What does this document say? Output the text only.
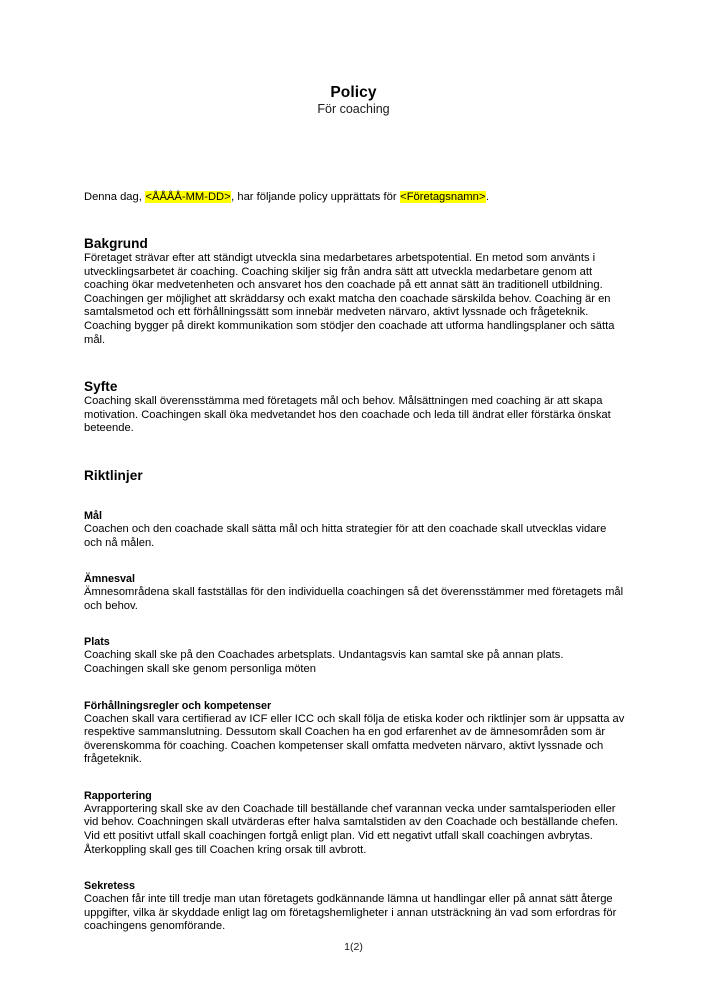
Policy
För coaching

Denna dag, <ÅÅÅÅ-MM-DD>, har följande policy upprättats för <Företagsnamn>.

Bakgrund

Företaget strävar efter att ständigt utveckla sina medarbetares arbetspotential. En metod som använts i utvecklingsarbetet är coaching. Coaching skiljer sig från andra sätt att utveckla medarbetare genom att coaching ökar medvetenheten och ansvaret hos den coachade på ett annat sätt än traditionell utbildning. Coachingen ger möjlighet att skräddarsy och exakt matcha den coachade särskilda behov. Coaching är en samtalsmetod och ett förhållningssätt som innebär medveten närvaro, aktivt lyssnade och frågeteknik. Coaching bygger på direkt kommunikation som stödjer den coachade att utforma handlingsplaner och sätta mål.

Syfte

Coaching skall överensstämma med företagets mål och behov. Målsättningen med coaching är att skapa motivation. Coachingen skall öka medvetandet hos den coachade och leda till ändrat eller förstärka önskat beteende.

Riktlinjer
Mål

Coachen och den coachade skall sätta mål och hitta strategier för att den coachade skall utvecklas vidare och nå målen.

Ämnesval

Ämnesområdena skall fastställas för den individuella coachingen så det överensstämmer med företagets mål och behov.

Plats

Coaching skall ske på den Coachades arbetsplats. Undantagsvis kan samtal ske på annan plats. Coachingen skall ske genom personliga möten

Förhållningsregler och kompetenser

Coachen skall vara certifierad av ICF eller ICC och skall följa de etiska koder och riktlinjer som är uppsatta av respektive sammanslutning. Dessutom skall Coachen ha en god erfarenhet av de ämnesområden som är överenskomma för coaching. Coachen kompetenser skall omfatta medveten närvaro, aktivt lyssnade och frågeteknik.

Rapportering

Avrapportering skall ske av den Coachade till beställande chef varannan vecka under samtalsperioden eller vid behov. Coachningen skall utvärderas efter halva samtalstiden av den Coachade och beställande chefen. Vid ett positivt utfall skall coachingen fortgå enligt plan. Vid ett negativt utfall skall coachingen avbrytas. Återkoppling skall ges till Coachen kring orsak till avbrott.

Sekretess

Coachen får inte till tredje man utan företagets godkännande lämna ut handlingar eller på annat sätt återge uppgifter, vilka är skyddade enligt lag om företagshemligheter i annan utsträckning än vad som erfordras för coachingens genomförande.

1(2)
